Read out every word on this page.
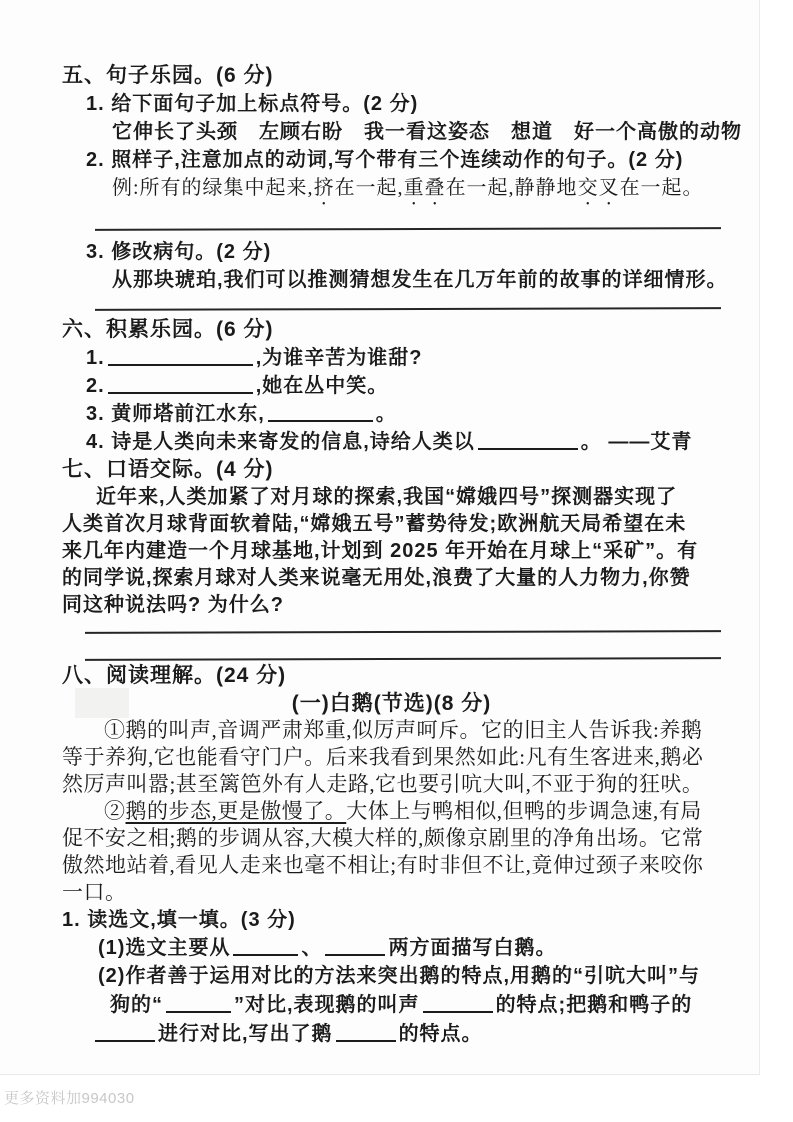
五、句子乐园。(6 分)
1. 给下面句子加上标点符号。(2 分)
它伸长了头颈　左顾右盼　我一看这姿态　想道　好一个高傲的动物
2. 照样子,注意加点的动词,写个带有三个连续动作的句子。(2 分)
例:所有的绿集中起来,挤在一起,重叠在一起,静静地交叉在一起。
3. 修改病句。(2 分)
从那块琥珀,我们可以推测猜想发生在几万年前的故事的详细情形。
六、积累乐园。(6 分)
1.	,为谁辛苦为谁甜?
2.	,她在丛中笑。
3. 黄师塔前江水东,	。
4. 诗是人类向未来寄发的信息,诗给人类以	。 ——艾青
七、口语交际。(4 分)
近年来,人类加紧了对月球的探索,我国“嫦娥四号”探测器实现了
人类首次月球背面软着陆,“嫦娥五号”蓄势待发;欧洲航天局希望在未
来几年内建造一个月球基地,计划到 2025 年开始在月球上“采矿”。有
的同学说,探索月球对人类来说毫无用处,浪费了大量的人力物力,你赞
同这种说法吗? 为什么?
八、阅读理解。(24 分)
(一)白鹅(节选)(8 分)
①鹅的叫声,音调严肃郑重,似厉声呵斥。它的旧主人告诉我:养鹅
等于养狗,它也能看守门户。后来我看到果然如此:凡有生客进来,鹅必
然厉声叫嚣;甚至篱笆外有人走路,它也要引吭大叫,不亚于狗的狂吠。
②鹅的步态,更是傲慢了。大体上与鸭相似,但鸭的步调急速,有局
促不安之相;鹅的步调从容,大模大样的,颇像京剧里的净角出场。它常
傲然地站着,看见人走来也毫不相让;有时非但不让,竟伸过颈子来咬你
一口。
1. 读选文,填一填。(3 分)
(1)选文主要从	、	两方面描写白鹅。
(2)作者善于运用对比的方法来突出鹅的特点,用鹅的“引吭大叫”与
狗的“	”对比,表现鹅的叫声	的特点;把鹅和鸭子的
进行对比,写出了鹅	的特点。
更多资料加994030
